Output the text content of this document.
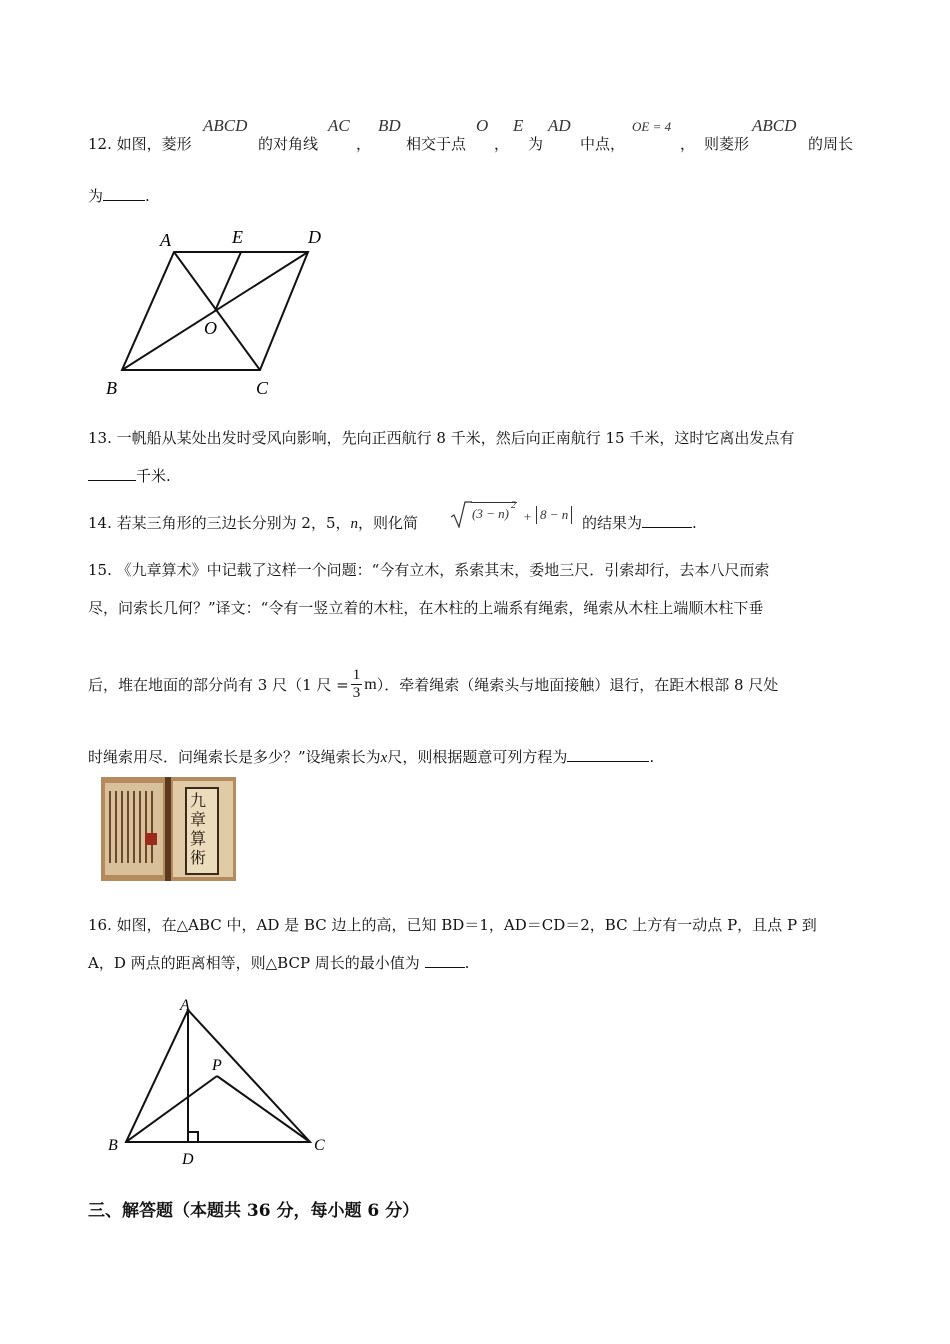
12. 如图，菱形
ABCD
的对角线
AC
，
BD
相交于点
O
，
E
为
AD
中点，
OE = 4
， 则菱形
ABCD
的周长
为	.
A	E	D
O
B	C
13. 一帆船从某处出发时受风向影响，先向正西航行 8 千米，然后向正南航行 15 千米，这时它离出发点有
千米.
14. 若某三角形的三边长分别为 2，5，n，则化简
(3 − n)
2
+ 8 − n 的结果为	.
15. 《九章算术》中记载了这样一个问题：“今有立木，系索其末，委地三尺．引索却行，去本八尺而索
尽，问索长几何？”译文：“令有一竖立着的木柱，在木柱的上端系有绳索，绳索从木柱上端顺木柱下垂
后，堆在地面的部分尚有 3 尺（1 尺 = $\frac{1}{3}$ m ）．牵着绳索（绳索头与地面接触）退行，在距木根部 8 尺处
时绳索用尽．问绳索长是多少？”设绳索长为x尺，则根据题意可列方程为	.
九章算術
16. 如图，在△ABC 中，AD 是 BC 边上的高，已知 BD＝1，AD＝CD＝2，BC 上方有一动点 P，且点 P 到
A，D 两点的距离相等，则△BCP 周长的最小值为	.
A
P
B
D
C
三、解答题（本题共 36 分，每小题 6 分）
